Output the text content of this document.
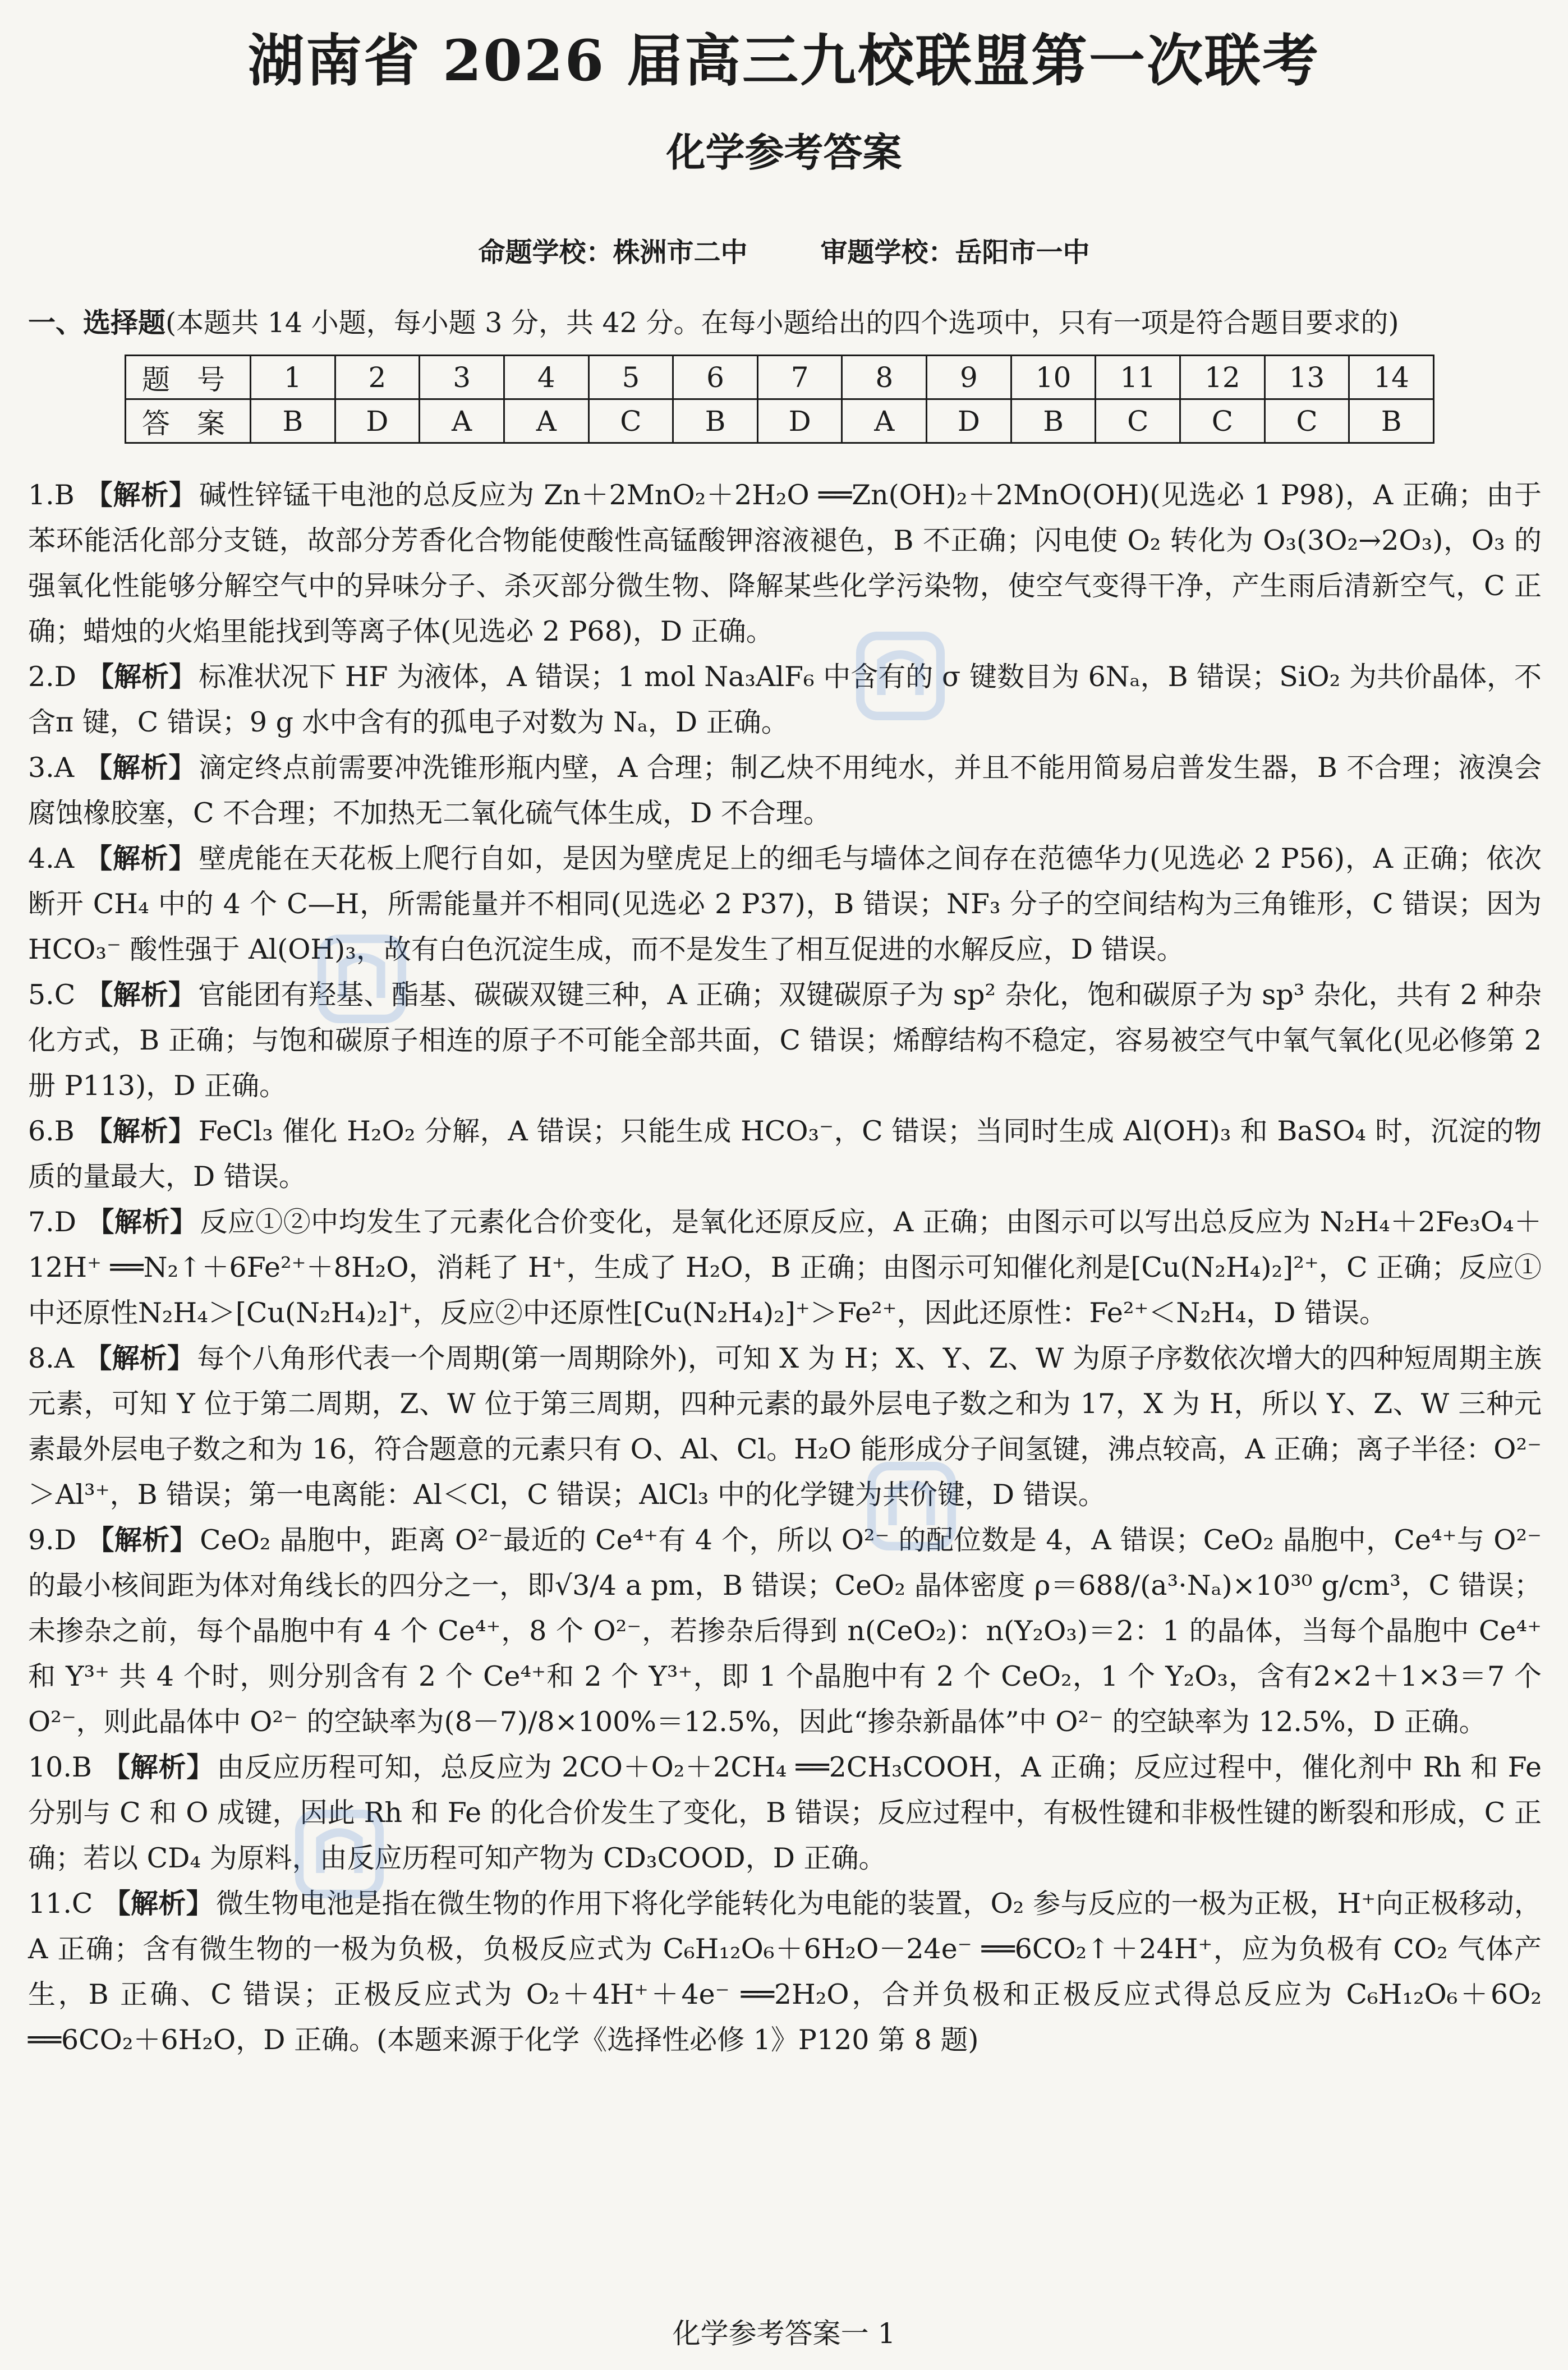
湖南省 2026 届高三九校联盟第一次联考
化学参考答案
命题学校：株洲市二中	审题学校：岳阳市一中
一、选择题(本题共 14 小题，每小题 3 分，共 42 分。在每小题给出的四个选项中，只有一项是符合题目要求的)
题 号	1	2	3	4	5	6	7	8	9	10	11	12	13	14
答 案	B	D	A	A	C	B	D	A	D	B	C	C	C	B

1.B 【解析】碱性锌锰干电池的总反应为 Zn＋2MnO₂＋2H₂O ══Zn(OH)₂＋2MnO(OH)(见选必 1 P98)，A 正确；由于苯环能活化部分支链，故部分芳香化合物能使酸性高锰酸钾溶液褪色，B 不正确；闪电使 O₂ 转化为 O₃(3O₂→2O₃)，O₃ 的强氧化性能够分解空气中的异味分子、杀灭部分微生物、降解某些化学污染物，使空气变得干净，产生雨后清新空气，C 正确；蜡烛的火焰里能找到等离子体(见选必 2 P68)，D 正确。

2.D 【解析】标准状况下 HF 为液体，A 错误；1 mol Na₃AlF₆ 中含有的 σ 键数目为 6Nₐ，B 错误；SiO₂ 为共价晶体，不含π 键，C 错误；9 g 水中含有的孤电子对数为 Nₐ，D 正确。

3.A 【解析】滴定终点前需要冲洗锥形瓶内壁，A 合理；制乙炔不用纯水，并且不能用简易启普发生器，B 不合理；液溴会腐蚀橡胶塞，C 不合理；不加热无二氧化硫气体生成，D 不合理。

4.A 【解析】壁虎能在天花板上爬行自如，是因为壁虎足上的细毛与墙体之间存在范德华力(见选必 2 P56)，A 正确；依次断开 CH₄ 中的 4 个 C—H，所需能量并不相同(见选必 2 P37)，B 错误；NF₃ 分子的空间结构为三角锥形，C 错误；因为 HCO₃⁻ 酸性强于 Al(OH)₃，故有白色沉淀生成，而不是发生了相互促进的水解反应，D 错误。

5.C 【解析】官能团有羟基、酯基、碳碳双键三种，A 正确；双键碳原子为 sp² 杂化，饱和碳原子为 sp³ 杂化，共有 2 种杂化方式，B 正确；与饱和碳原子相连的原子不可能全部共面，C 错误；烯醇结构不稳定，容易被空气中氧气氧化(见必修第 2 册 P113)，D 正确。

6.B 【解析】FeCl₃ 催化 H₂O₂ 分解，A 错误；只能生成 HCO₃⁻，C 错误；当同时生成 Al(OH)₃ 和 BaSO₄ 时，沉淀的物质的量最大，D 错误。

7.D 【解析】反应①②中均发生了元素化合价变化，是氧化还原反应，A 正确；由图示可以写出总反应为 N₂H₄＋2Fe₃O₄＋12H⁺ ══N₂↑＋6Fe²⁺＋8H₂O，消耗了 H⁺，生成了 H₂O，B 正确；由图示可知催化剂是[Cu(N₂H₄)₂]²⁺，C 正确；反应①中还原性N₂H₄＞[Cu(N₂H₄)₂]⁺，反应②中还原性[Cu(N₂H₄)₂]⁺＞Fe²⁺，因此还原性：Fe²⁺＜N₂H₄，D 错误。

8.A 【解析】每个八角形代表一个周期(第一周期除外)，可知 X 为 H；X、Y、Z、W 为原子序数依次增大的四种短周期主族元素，可知 Y 位于第二周期，Z、W 位于第三周期，四种元素的最外层电子数之和为 17，X 为 H，所以 Y、Z、W 三种元素最外层电子数之和为 16，符合题意的元素只有 O、Al、Cl。H₂O 能形成分子间氢键，沸点较高，A 正确；离子半径：O²⁻＞Al³⁺，B 错误；第一电离能：Al＜Cl，C 错误；AlCl₃ 中的化学键为共价键，D 错误。

9.D 【解析】CeO₂ 晶胞中，距离 O²⁻最近的 Ce⁴⁺有 4 个，所以 O²⁻ 的配位数是 4，A 错误；CeO₂ 晶胞中，Ce⁴⁺与 O²⁻ 的最小核间距为体对角线长的四分之一，即√3/4 a pm，B 错误；CeO₂ 晶体密度 ρ＝688/(a³·Nₐ)×10³⁰ g/cm³，C 错误；未掺杂之前，每个晶胞中有 4 个 Ce⁴⁺，8 个 O²⁻，若掺杂后得到 n(CeO₂)：n(Y₂O₃)＝2：1 的晶体，当每个晶胞中 Ce⁴⁺和 Y³⁺ 共 4 个时，则分别含有 2 个 Ce⁴⁺和 2 个 Y³⁺，即 1 个晶胞中有 2 个 CeO₂，1 个 Y₂O₃，含有2×2＋1×3＝7 个 O²⁻，则此晶体中 O²⁻ 的空缺率为(8－7)/8×100%＝12.5%，因此“掺杂新晶体”中 O²⁻ 的空缺率为 12.5%，D 正确。

10.B 【解析】由反应历程可知，总反应为 2CO＋O₂＋2CH₄ ══2CH₃COOH，A 正确；反应过程中，催化剂中 Rh 和 Fe 分别与 C 和 O 成键，因此 Rh 和 Fe 的化合价发生了变化，B 错误；反应过程中，有极性键和非极性键的断裂和形成，C 正确；若以 CD₄ 为原料，由反应历程可知产物为 CD₃COOD，D 正确。

11.C 【解析】微生物电池是指在微生物的作用下将化学能转化为电能的装置，O₂ 参与反应的一极为正极，H⁺向正极移动，A 正确；含有微生物的一极为负极，负极反应式为 C₆H₁₂O₆＋6H₂O－24e⁻ ══6CO₂↑＋24H⁺，应为负极有 CO₂ 气体产生，B 正确、C 错误；正极反应式为 O₂＋4H⁺＋4e⁻ ══2H₂O，合并负极和正极反应式得总反应为 C₆H₁₂O₆＋6O₂ ══6CO₂＋6H₂O，D 正确。(本题来源于化学《选择性必修 1》P120 第 8 题)

化学参考答案一 1
